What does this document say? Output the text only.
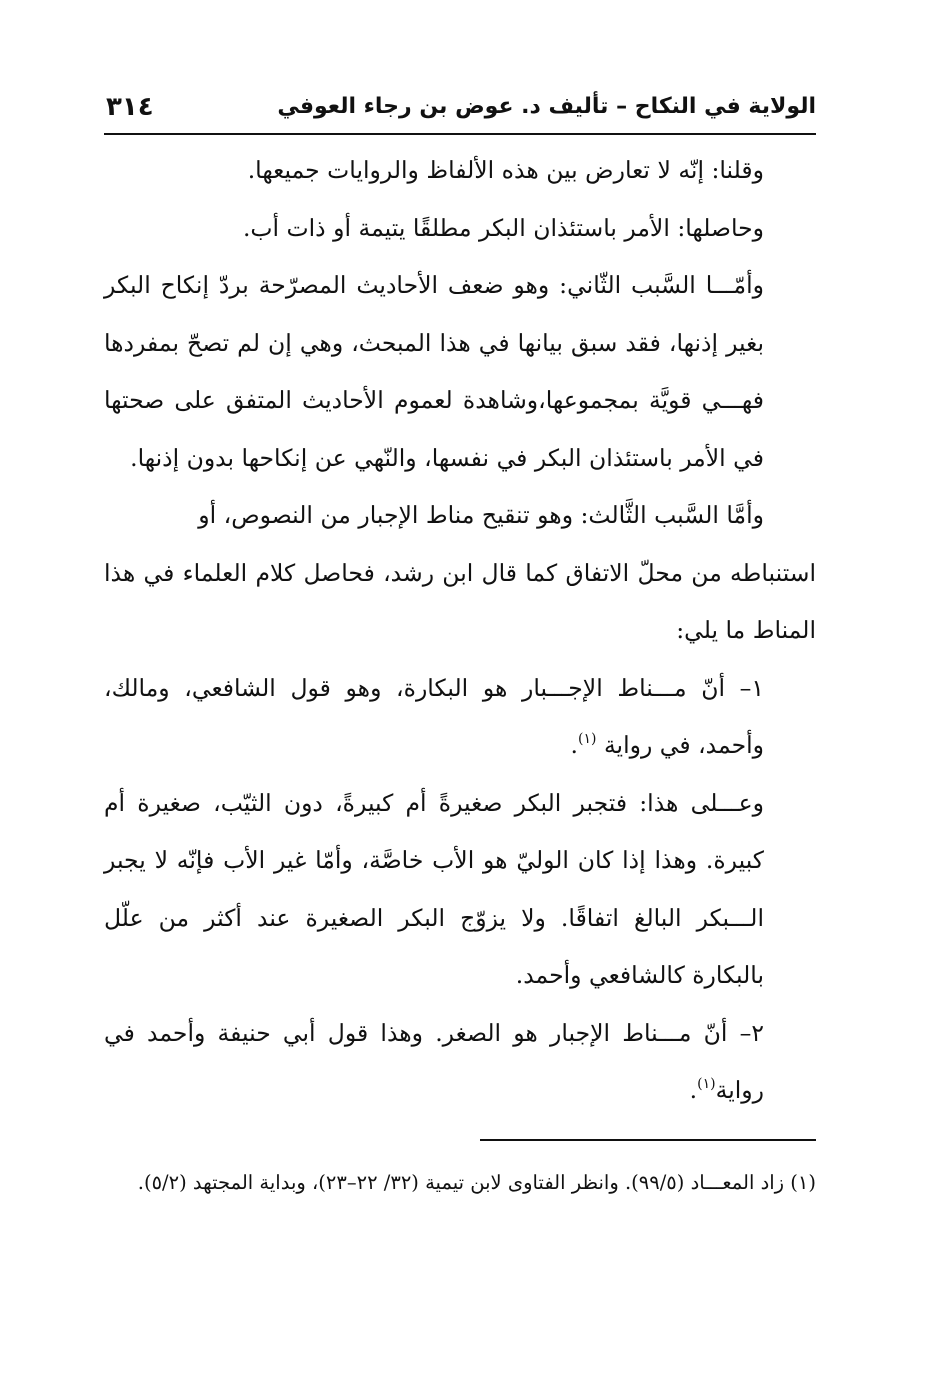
الولاية في النكاح – تأليف د. عوض بن رجاء العوفي
٣١٤

وقلنا: إنّه لا تعارض بين هذه الألفاظ والروايات جميعها.

وحاصلها: الأمر باستئذان البكر مطلقًا يتيمة أو ذات أب.

وأمّـــا السَّبب الثّاني: وهو ضعف الأحاديث المصرّحة بردّ إنكاح البكر بغير إذنها، فقد سبق بيانها في هذا المبحث، وهي إن لم تصحّ بمفردها فهـــي قويَّة بمجموعها،وشاهدة لعموم الأحاديث المتفق على صحتها في الأمر باستئذان البكر في نفسها، والنّهي عن إنكاحها بدون إذنها.

وأمَّا السَّبب الثَّالث: وهو تنقيح مناط الإجبار من النصوص، أو

استنباطه من محلّ الاتفاق كما قال ابن رشد، فحاصل كلام العلماء في هذا المناط ما يلي:

١– أنّ مـــناط الإجـــبار هو البكارة، وهو قول الشافعي، ومالك، وأحمد، في رواية $^{(١)}$.

وعـــلى هذا: فتجبر البكر صغيرةً أم كبيرةً، دون الثيّب، صغيرة أم كبيرة. وهذا إذا كان الوليّ هو الأب خاصَّة، وأمّا غير الأب فإنّه لا يجبر الـــبكر البالغ اتفاقًا. ولا يزوّج البكر الصغيرة عند أكثر من علّل بالبكارة كالشافعي وأحمد.

٢– أنّ مـــناط الإجبار هو الصغر. وهذا قول أبي حنيفة وأحمد في رواية$^{(١)}$.

(١) زاد المعـــاد (٩٩/٥). وانظر الفتاوى لابن تيمية (٣٢/ ٢٢–٢٣)، وبداية المجتهد (٥/٢).
